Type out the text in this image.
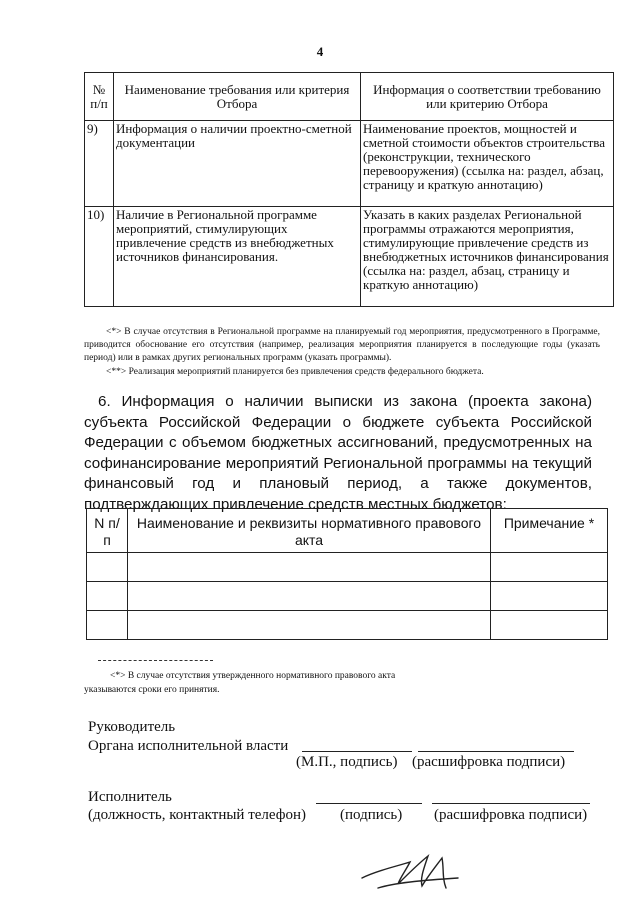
4
№ п/п	Наименование требования или критерия Отбора	Информация о соответствии требованию или критерию Отбора
9)	Информация о наличии проектно-сметной документации	Наименование проектов, мощностей и сметной стоимости объектов строительства (реконструкции, технического перевооружения) (ссылка на: раздел, абзац, страницу и краткую аннотацию)
10)	Наличие в Региональной программе мероприятий, стимулирующих привлечение средств из внебюджетных источников финансирования.	Указать в каких разделах Региональной программы отражаются мероприятия, стимулирующие привлечение средств из внебюджетных источников финансирования (ссылка на: раздел, абзац, страницу и краткую аннотацию)

<*> В случае отсутствия в Региональной программе на планируемый год мероприятия, предусмотренного в Программе, приводится обоснование его отсутствия (например, реализация мероприятия планируется в последующие годы (указать период) или в рамках других региональных программ (указать программы).

<**> Реализация мероприятий планируется без привлечения средств федерального бюджета.

6. Информация о наличии выписки из закона (проекта закона) субъекта Российской Федерации о бюджете субъекта Российской Федерации с объемом бюджетных ассигнований, предусмотренных на софинансирование мероприятий Региональной программы на текущий финансовый год и плановый период, а также документов, подтверждающих привлечение средств местных бюджетов:
N п/п	Наименование и реквизиты нормативного правового акта	Примечание *

<*> В случае отсутствия утвержденного нормативного правового акта

указываются сроки его принятия.

Руководитель
Органа исполнительной власти
(М.П., подпись) (расшифровка подписи)
Исполнитель
(должность, контактный телефон) (подпись) (расшифровка подписи)
